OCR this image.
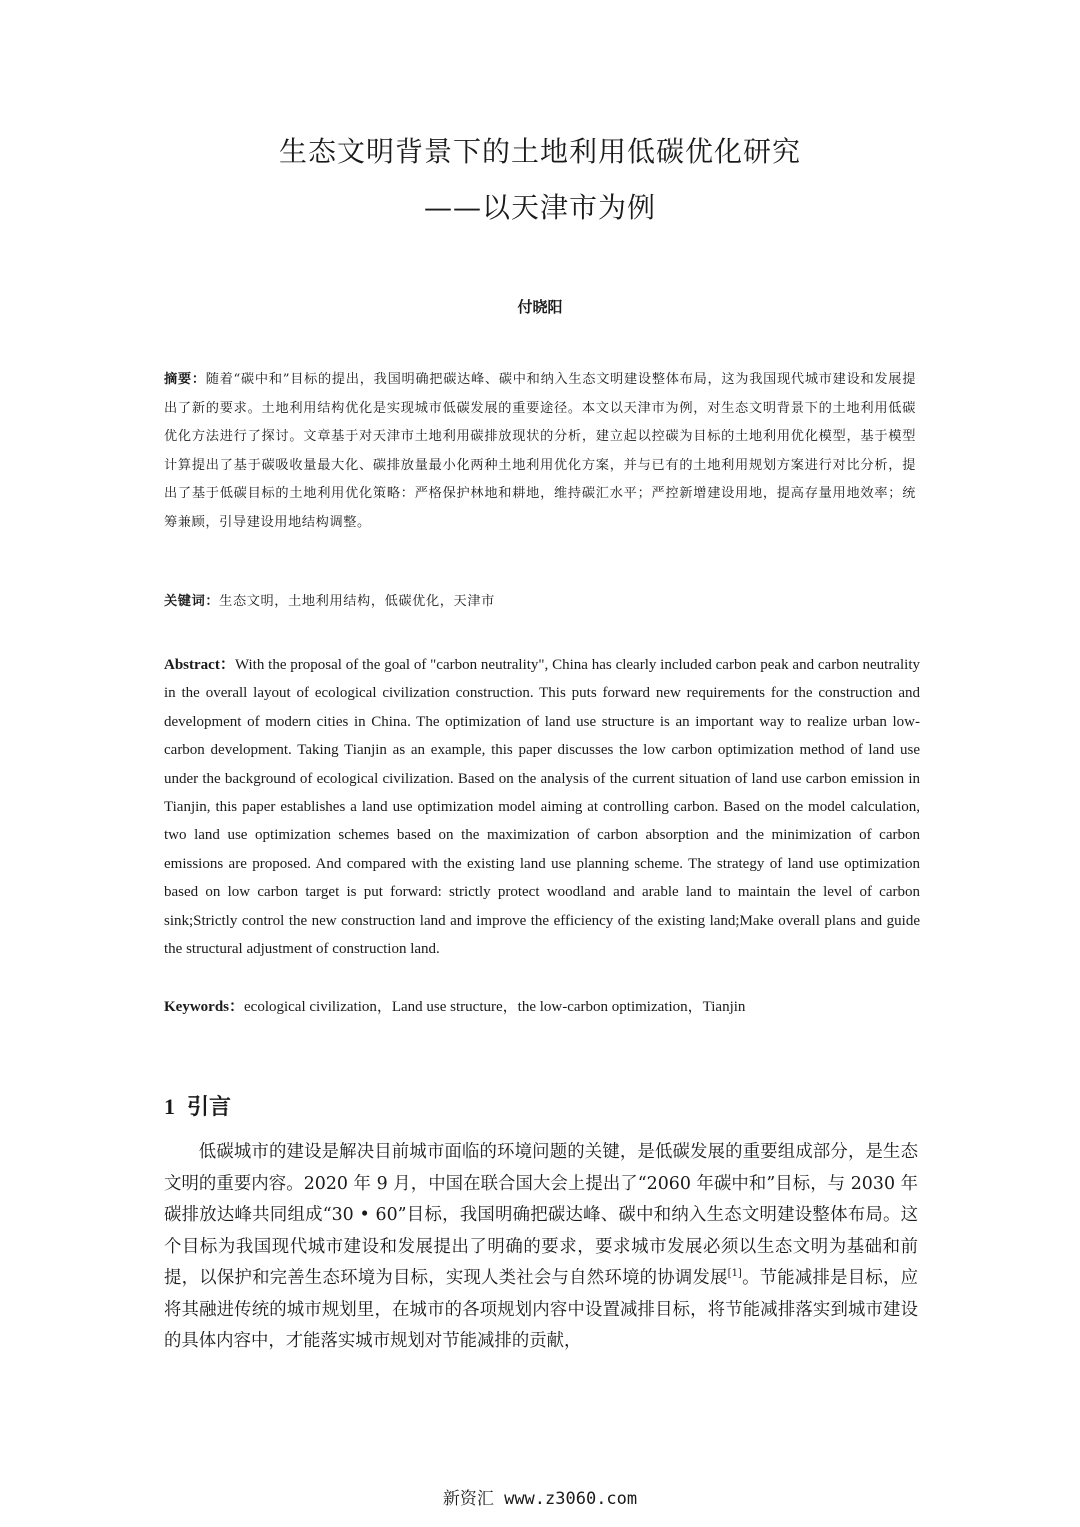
生态文明背景下的土地利用低碳优化研究
——以天津市为例
付晓阳

摘要：随着“碳中和”目标的提出，我国明确把碳达峰、碳中和纳入生态文明建设整体布局，这为我国现代城市建设和发展提出了新的要求。土地利用结构优化是实现城市低碳发展的重要途径。本文以天津市为例，对生态文明背景下的土地利用低碳优化方法进行了探讨。文章基于对天津市土地利用碳排放现状的分析，建立起以控碳为目标的土地利用优化模型，基于模型计算提出了基于碳吸收量最大化、碳排放量最小化两种土地利用优化方案，并与已有的土地利用规划方案进行对比分析，提出了基于低碳目标的土地利用优化策略：严格保护林地和耕地，维持碳汇水平；严控新增建设用地，提高存量用地效率；统筹兼顾，引导建设用地结构调整。

关键词：生态文明，土地利用结构，低碳优化，天津市

Abstract：With the proposal of the goal of "carbon neutrality", China has clearly included carbon peak and carbon neutrality in the overall layout of ecological civilization construction. This puts forward new requirements for the construction and development of modern cities in China. The optimization of land use structure is an important way to realize urban low-carbon development. Taking Tianjin as an example, this paper discusses the low carbon optimization method of land use under the background of ecological civilization. Based on the analysis of the current situation of land use carbon emission in Tianjin, this paper establishes a land use optimization model aiming at controlling carbon. Based on the model calculation, two land use optimization schemes based on the maximization of carbon absorption and the minimization of carbon emissions are proposed. And compared with the existing land use planning scheme. The strategy of land use optimization based on low carbon target is put forward: strictly protect woodland and arable land to maintain the level of carbon sink;Strictly control the new construction land and improve the efficiency of the existing land;Make overall plans and guide the structural adjustment of construction land.

Keywords：ecological civilization，Land use structure，the low-carbon optimization，Tianjin

1 引言

低碳城市的建设是解决目前城市面临的环境问题的关键，是低碳发展的重要组成部分，是生态文明的重要内容。2020 年 9 月，中国在联合国大会上提出了“2060 年碳中和”目标，与 2030 年碳排放达峰共同组成“30 • 60”目标，我国明确把碳达峰、碳中和纳入生态文明建设整体布局。这个目标为我国现代城市建设和发展提出了明确的要求，要求城市发展必须以生态文明为基础和前提，以保护和完善生态环境为目标，实现人类社会与自然环境的协调发展[1]。节能减排是目标，应将其融进传统的城市规划里，在城市的各项规划内容中设置减排目标，将节能减排落实到城市建设的具体内容中，才能落实城市规划对节能减排的贡献，

新资汇 www.z3060.com
